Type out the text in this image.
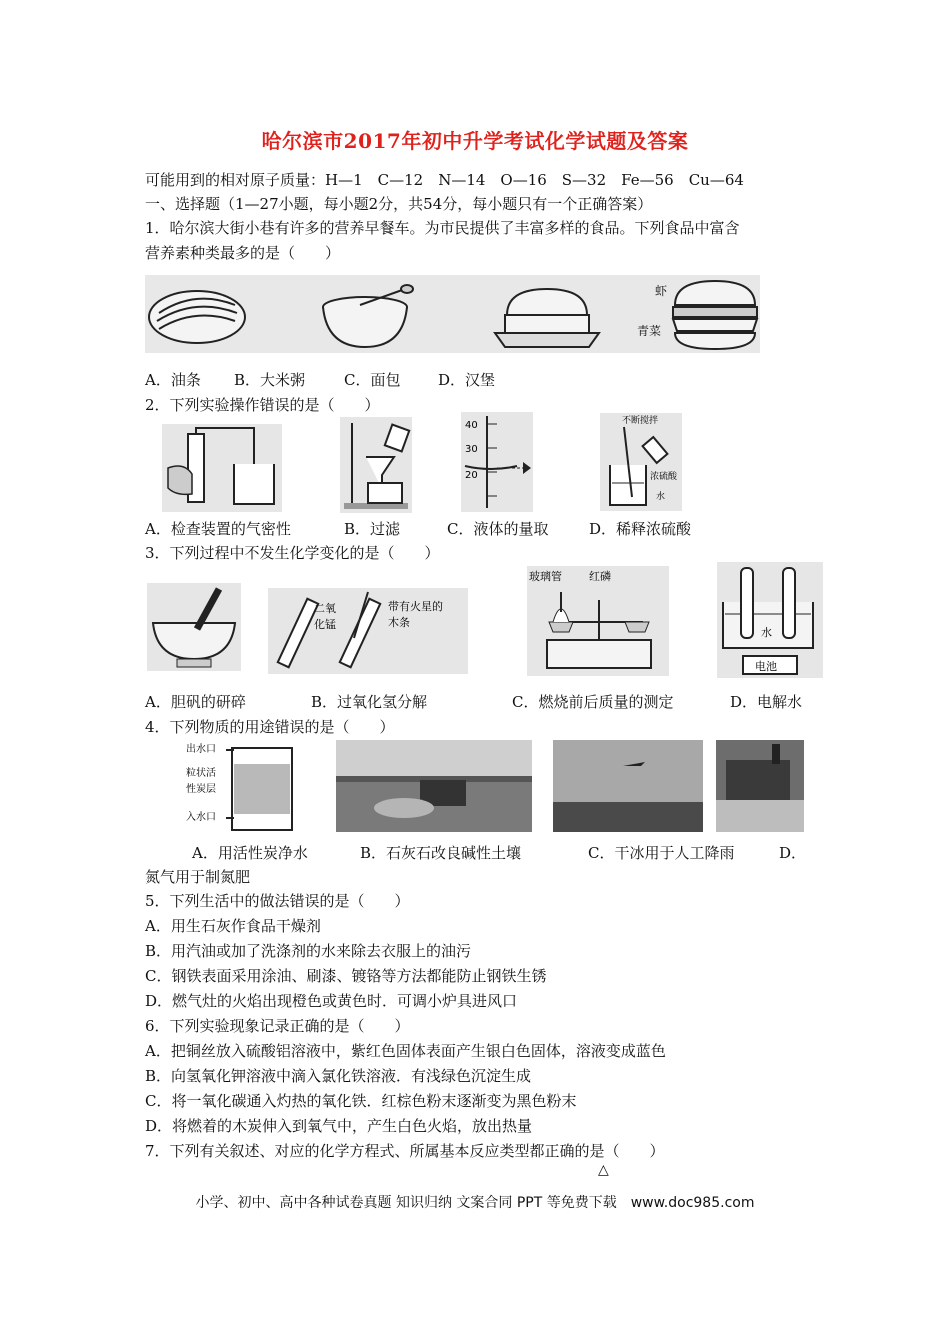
哈尔滨市2017年初中升学考试化学试题及答案
可能用到的相对原子质量：H—1　C—12　N—14　O—16　S—32　Fe—56　Cu—64
一、选择题（1—27小题，每小题2分，共54分，每小题只有一个正确答案）
1．哈尔滨大街小巷有许多的营养早餐车。为市民提供了丰富多样的食品。下列食品中富含
营养素种类最多的是（　　）
虾
青菜
A．油条 B．大米粥	C．面包	D．汉堡
2．下列实验操作错误的是（　　）
40
30
20
不断搅拌
浓硫酸
水
A．检查装置的气密性	B．过滤	C．液体的量取	D．稀释浓硫酸
3．下列过程中不发生化学变化的是（　　）
二氧
化锰
带有火星的
木条
玻璃管 红磷
水
电池
A．胆矾的研碎	B．过氧化氢分解	C．燃烧前后质量的测定	D．电解水
4．下列物质的用途错误的是（　　）
出水口
粒状活
性炭层
入水口
A．用活性炭净水	B．石灰石改良碱性土壤	C．干冰用于人工降雨	D．
氮气用于制氮肥
5．下列生活中的做法错误的是（　　）
A．用生石灰作食品干燥剂
B．用汽油或加了洗涤剂的水来除去衣服上的油污
C．钢铁表面采用涂油、刷漆、镀铬等方法都能防止钢铁生锈
D．燃气灶的火焰出现橙色或黄色时．可调小炉具进风口
6．下列实验现象记录正确的是（　　）
A．把铜丝放入硫酸铝溶液中，紫红色固体表面产生银白色固体，溶液变成蓝色
B．向氢氧化钾溶液中滴入氯化铁溶液．有浅绿色沉淀生成
C．将一氧化碳通入灼热的氧化铁．红棕色粉末逐渐变为黑色粉末
D．将燃着的木炭伸入到氧气中，产生白色火焰，放出热量
7．下列有关叙述、对应的化学方程式、所属基本反应类型都正确的是（　　）
△
小学、初中、高中各种试卷真题 知识归纳 文案合同 PPT 等免费下载　www.doc985.com
